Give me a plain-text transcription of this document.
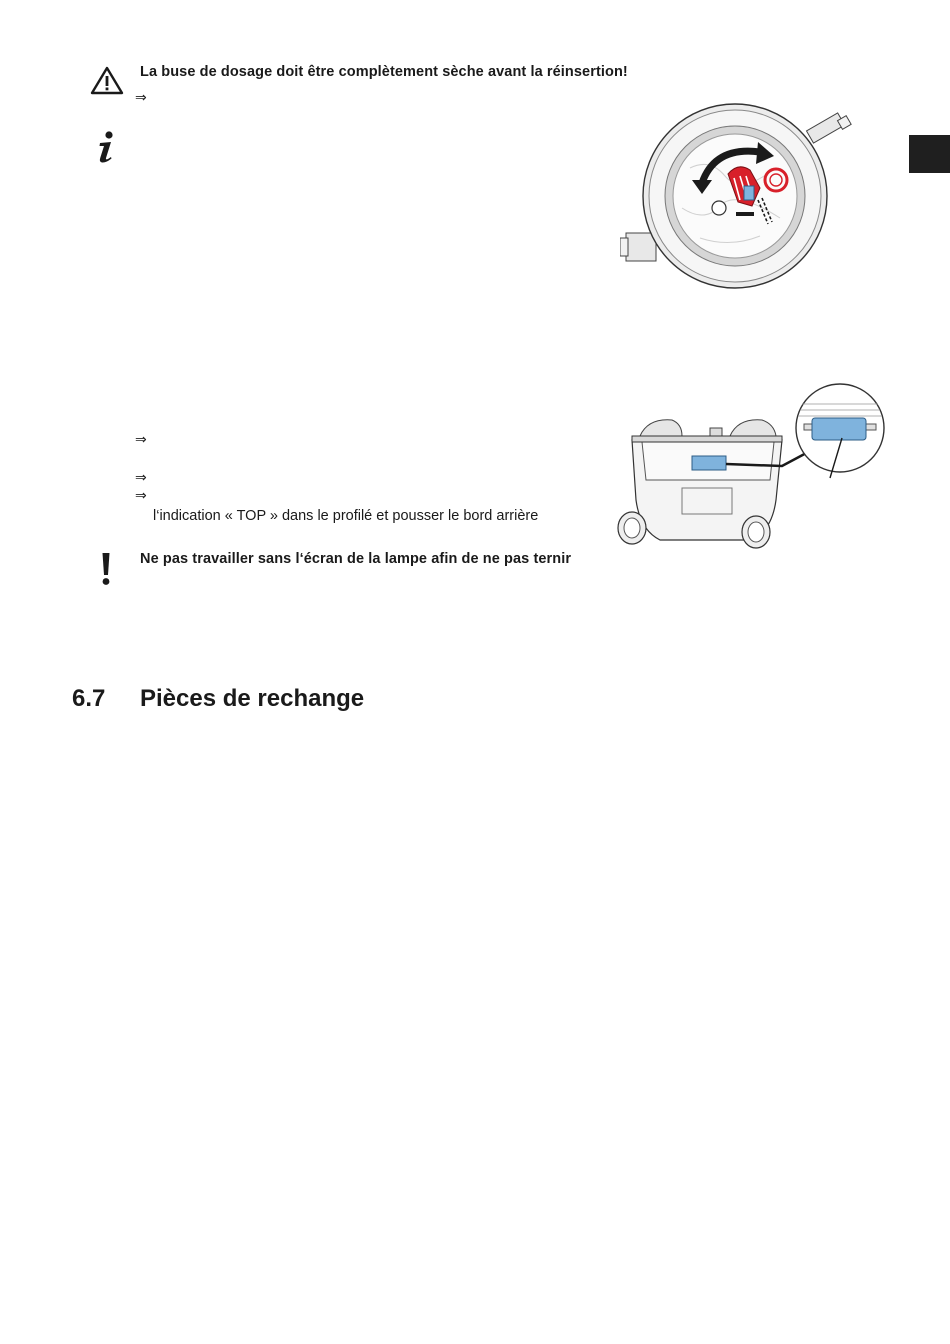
La buse de dosage doit être complètement sèche avant la réinsertion!
⇒
⇒
⇒
⇒
l‘indication « TOP » dans le profilé et pousser le bord arrière
Ne pas travailler sans l‘écran de la lampe afin de ne pas ternir
6.7 Pièces de rechange
